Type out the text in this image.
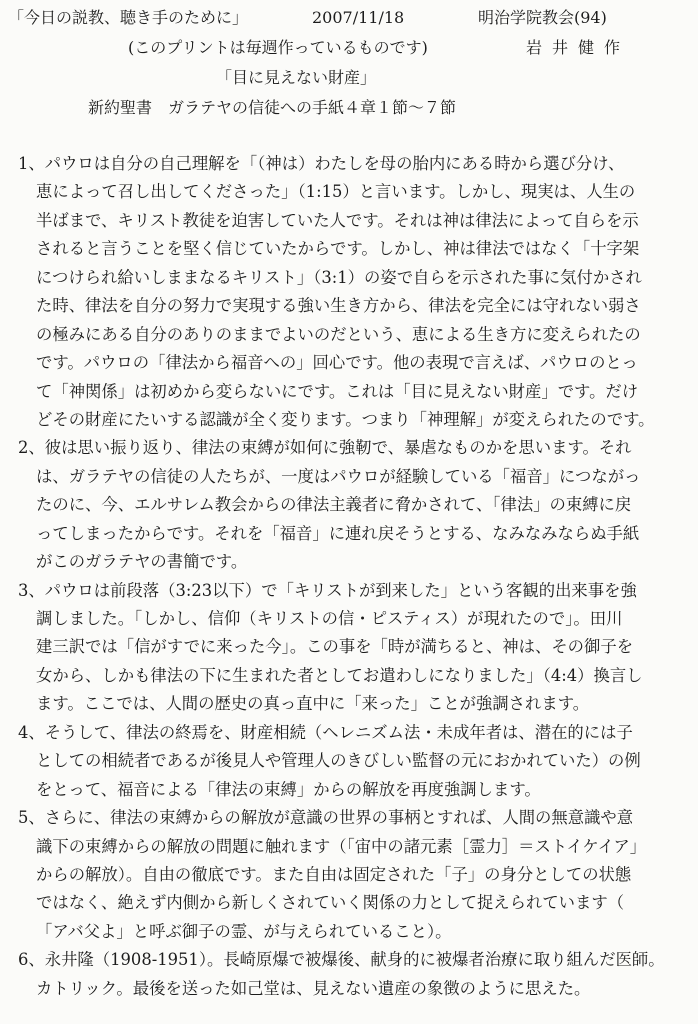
「今日の説教、聴き手のために」	2007/11/18	明治学院教会(94)
(このプリントは毎週作っているものです)	岩井健作
「目に見えない財産」
新約聖書　ガラテヤの信徒への手紙４章１節～７節
1、パウロは自分の自己理解を「（神は）わたしを母の胎内にある時から選び分け、
恵によって召し出してくださった」（1:15）と言います。しかし、現実は、人生の
半ばまで、キリスト教徒を迫害していた人です。それは神は律法によって自らを示
されると言うことを堅く信じていたからです。しかし、神は律法ではなく「十字架
につけられ給いしままなるキリスト」（3:1）の姿で自らを示された事に気付かされ
た時、律法を自分の努力で実現する強い生き方から、律法を完全には守れない弱さ
の極みにある自分のありのままでよいのだという、恵による生き方に変えられたの
です。パウロの「律法から福音への」回心です。他の表現で言えば、パウロのとっ
て「神関係」は初めから変らないにです。これは「目に見えない財産」です。だけ
どその財産にたいする認識が全く変ります。つまり「神理解」が変えられたのです。
2、彼は思い振り返り、律法の束縛が如何に強靭で、暴虐なものかを思います。それ
は、ガラテヤの信徒の人たちが、一度はパウロが経験している「福音」につながっ
たのに、今、エルサレム教会からの律法主義者に脅かされて、「律法」の束縛に戻
ってしまったからです。それを「福音」に連れ戻そうとする、なみなみならぬ手紙
がこのガラテヤの書簡です。
3、パウロは前段落（3:23以下）で「キリストが到来した」という客観的出来事を強
調しました。「しかし、信仰（キリストの信・ピスティス）が現れたので」。田川
建三訳では「信がすでに来った今」。この事を「時が満ちると、神は、その御子を
女から、しかも律法の下に生まれた者としてお遣わしになりました」（4:4）換言し
ます。ここでは、人間の歴史の真っ直中に「来った」ことが強調されます。
4、そうして、律法の終焉を、財産相続（ヘレニズム法・未成年者は、潜在的には子
としての相続者であるが後見人や管理人のきびしい監督の元におかれていた）の例
をとって、福音による「律法の束縛」からの解放を再度強調します。
5、さらに、律法の束縛からの解放が意識の世界の事柄とすれば、人間の無意識や意
識下の束縛からの解放の問題に触れます（「宙中の諸元素［霊力］＝ストイケイア」
からの解放）。自由の徹底です。また自由は固定された「子」の身分としての状態
ではなく、絶えず内側から新しくされていく関係の力として捉えられています（
「アバ父よ」と呼ぶ御子の霊、が与えられていること）。
6、永井隆（1908-1951）。長崎原爆で被爆後、献身的に被爆者治療に取り組んだ医師。
カトリック。最後を送った如己堂は、見えない遺産の象徴のように思えた。
